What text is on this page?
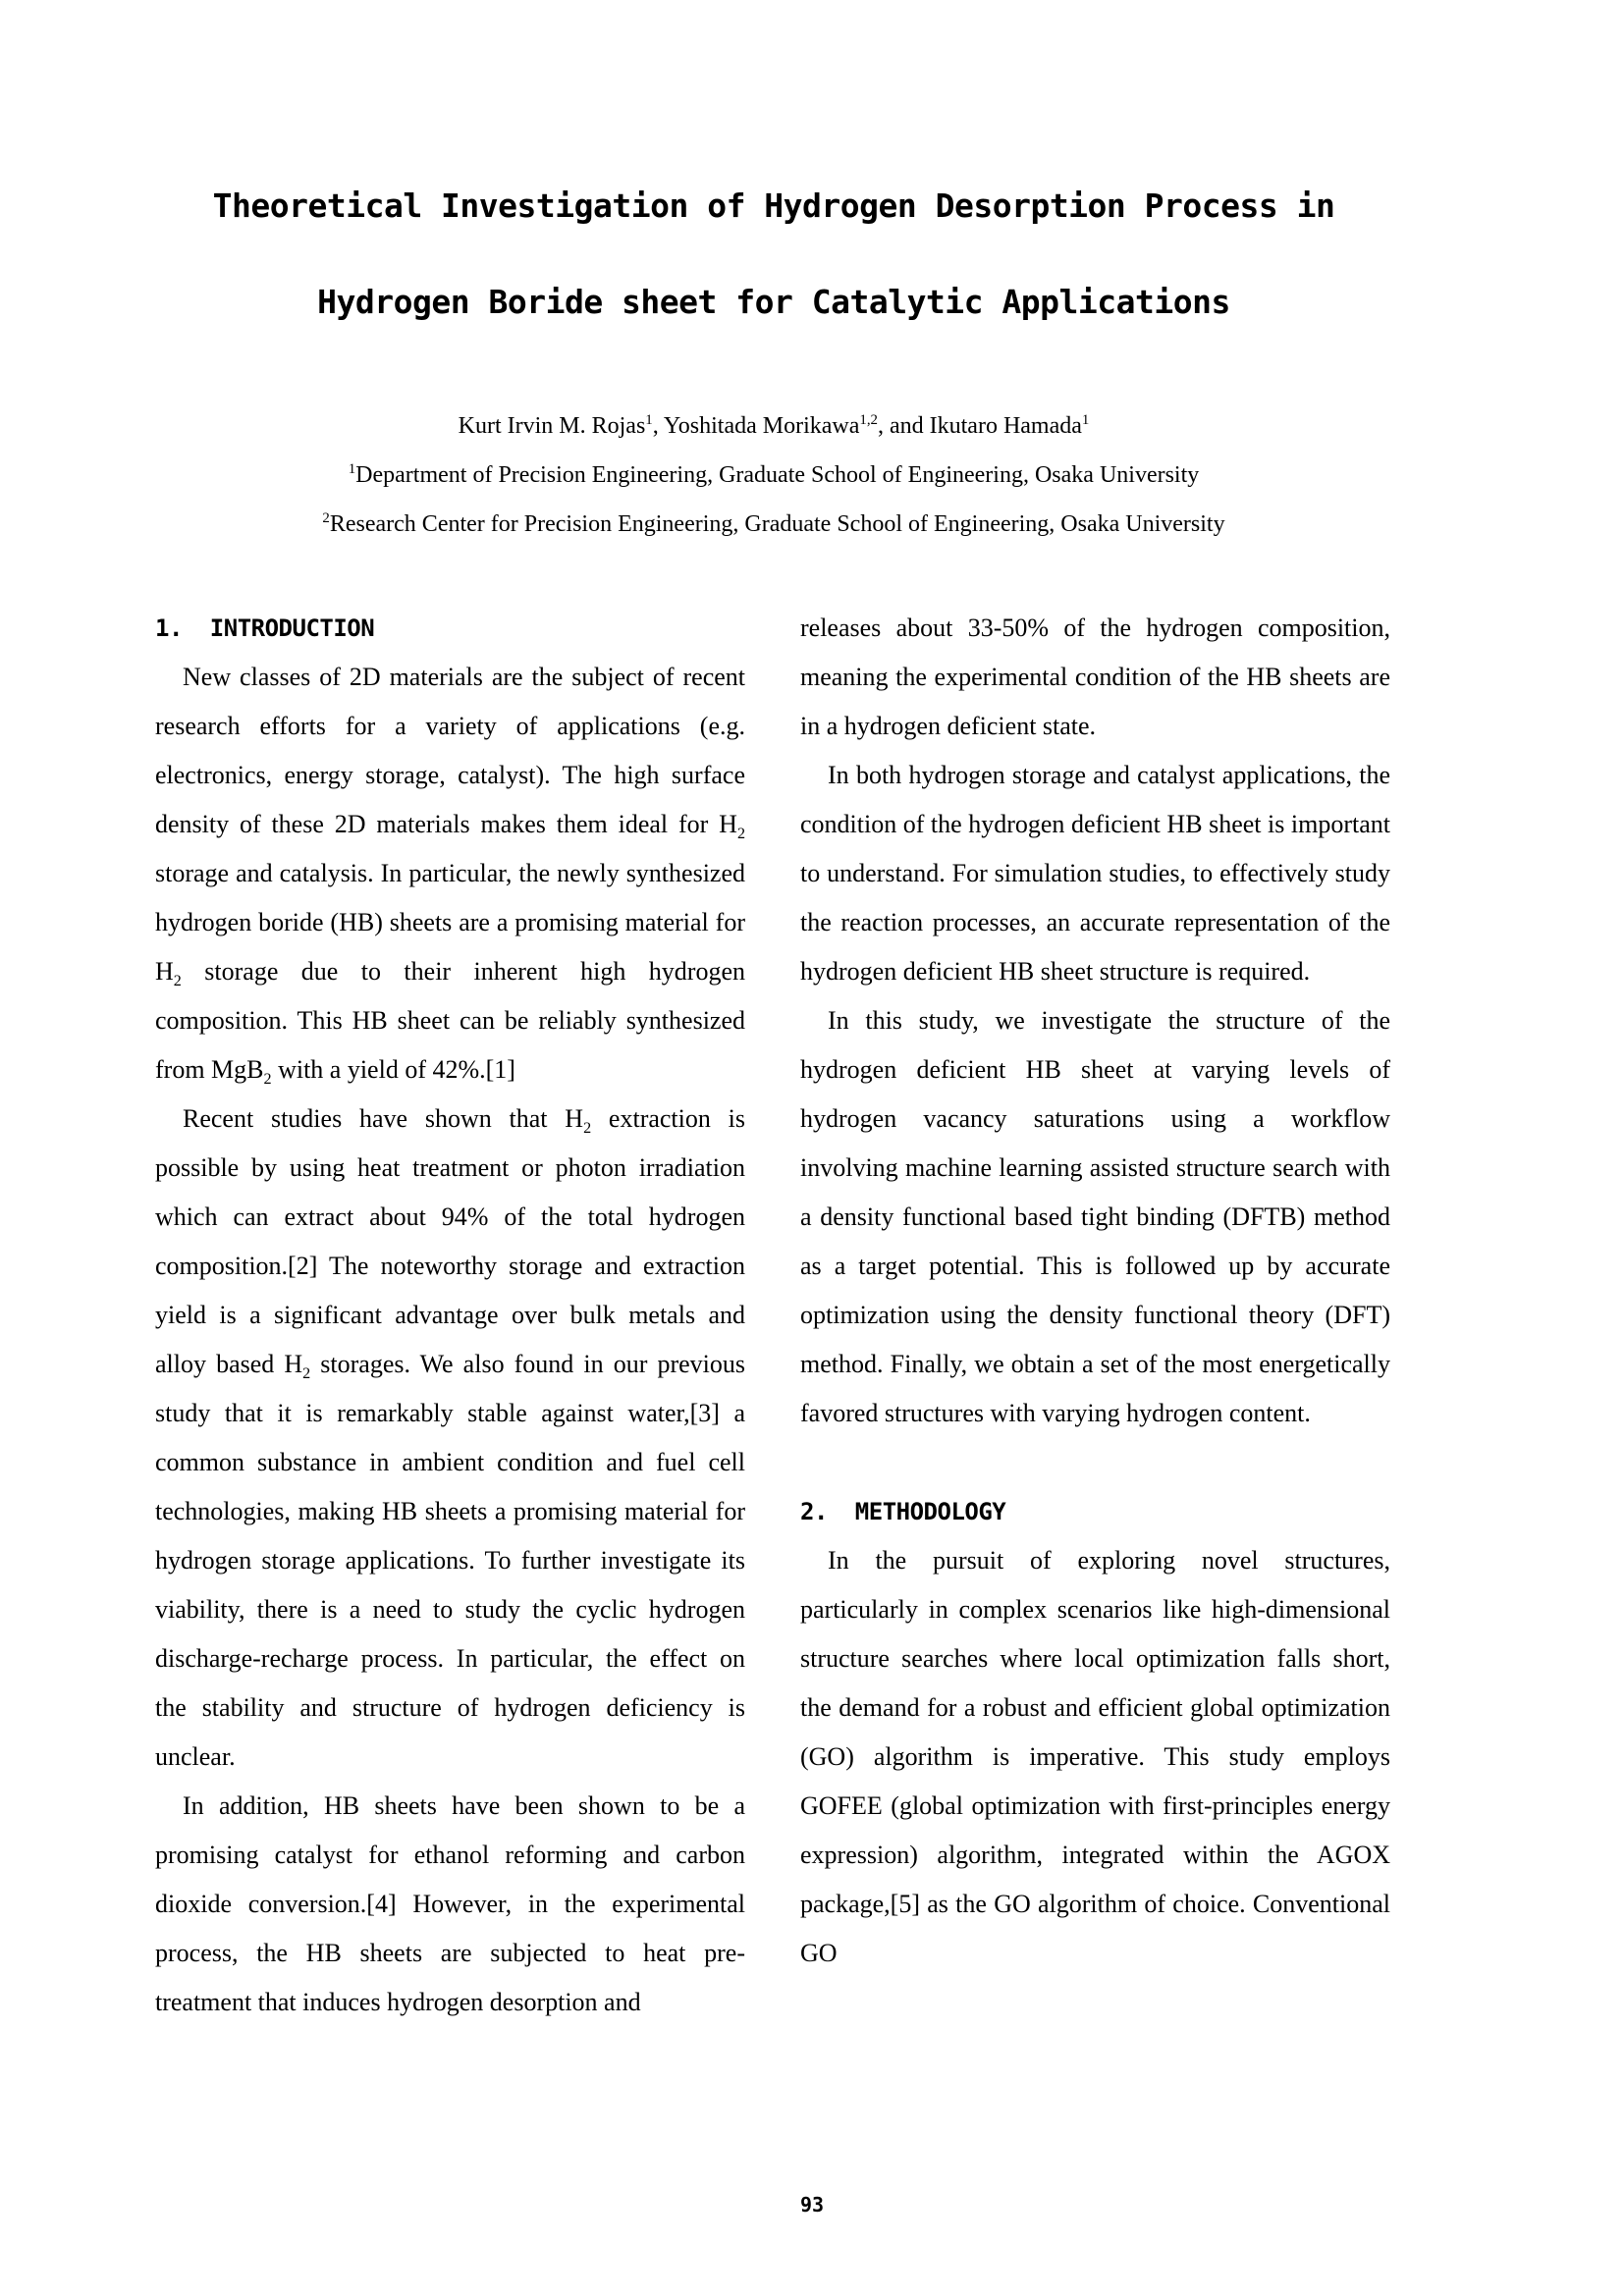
Theoretical Investigation of Hydrogen Desorption Process in
Hydrogen Boride sheet for Catalytic Applications
Kurt Irvin M. Rojas$^1$, Yoshitada Morikawa$^{1,2}$, and Ikutaro Hamada$^1$
$^1$Department of Precision Engineering, Graduate School of Engineering, Osaka University
$^2$Research Center for Precision Engineering, Graduate School of Engineering, Osaka University
1.  INTRODUCTION

New classes of 2D materials are the subject of recent research efforts for a variety of applications (e.g. electronics, energy storage, catalyst). The high surface density of these 2D materials makes them ideal for $H_2$ storage and catalysis. In particular, the newly synthesized hydrogen boride (HB) sheets are a promising material for $H_2$ storage due to their inherent high hydrogen composition. This HB sheet can be reliably synthesized from MgB$_2$ with a yield of 42%.[1]

Recent studies have shown that $H_2$ extraction is possible by using heat treatment or photon irradiation which can extract about 94% of the total hydrogen composition.[2] The noteworthy storage and extraction yield is a significant advantage over bulk metals and alloy based $H_2$ storages. We also found in our previous study that it is remarkably stable against water,[3] a common substance in ambient condition and fuel cell technologies, making HB sheets a promising material for hydrogen storage applications. To further investigate its viability, there is a need to study the cyclic hydrogen discharge-recharge process. In particular, the effect on the stability and structure of hydrogen deficiency is unclear.

In addition, HB sheets have been shown to be a promising catalyst for ethanol reforming and carbon dioxide conversion.[4] However, in the experimental process, the HB sheets are subjected to heat pre-treatment that induces hydrogen desorption and

releases about 33-50% of the hydrogen composition, meaning the experimental condition of the HB sheets are in a hydrogen deficient state.

In both hydrogen storage and catalyst applications, the condition of the hydrogen deficient HB sheet is important to understand. For simulation studies, to effectively study the reaction processes, an accurate representation of the hydrogen deficient HB sheet structure is required.

In this study, we investigate the structure of the hydrogen deficient HB sheet at varying levels of hydrogen vacancy saturations using a workflow involving machine learning assisted structure search with a density functional based tight binding (DFTB) method as a target potential. This is followed up by accurate optimization using the density functional theory (DFT) method. Finally, we obtain a set of the most energetically favored structures with varying hydrogen content.

2.  METHODOLOGY

In the pursuit of exploring novel structures, particularly in complex scenarios like high-dimensional structure searches where local optimization falls short, the demand for a robust and efficient global optimization (GO) algorithm is imperative. This study employs GOFEE (global optimization with first-principles energy expression) algorithm, integrated within the AGOX package,[5] as the GO algorithm of choice. Conventional GO

93
